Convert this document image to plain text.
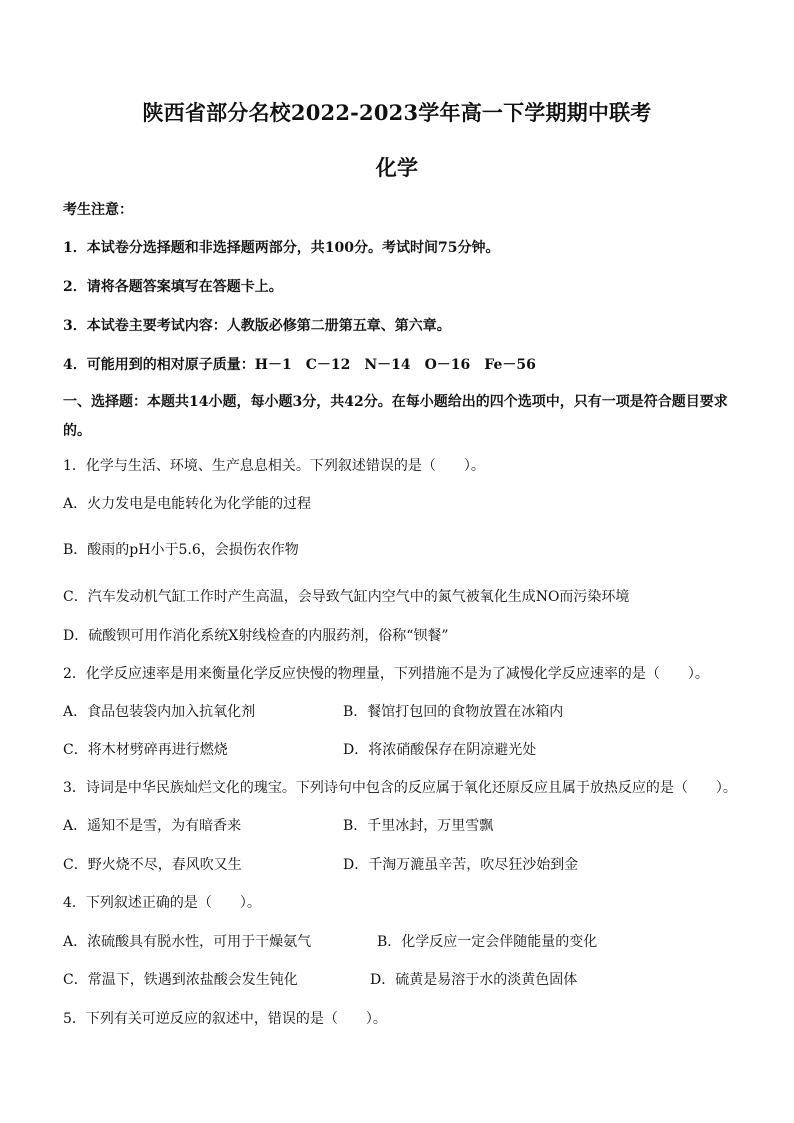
陕西省部分名校2022-2023学年高一下学期期中联考
化学
考生注意：
1．本试卷分选择题和非选择题两部分，共100分。考试时间75分钟。
2．请将各题答案填写在答题卡上。
3．本试卷主要考试内容：人教版必修第二册第五章、第六章。
4．可能用到的相对原子质量：H－1　C－12　N－14　O－16　Fe－56
一、选择题：本题共14小题，每小题3分，共42分。在每小题给出的四个选项中，只有一项是符合题目要求的。
1．化学与生活、环境、生产息息相关。下列叙述错误的是（　　）。
A．火力发电是电能转化为化学能的过程
B．酸雨的pH小于5.6，会损伤农作物
C．汽车发动机气缸工作时产生高温，会导致气缸内空气中的氮气被氧化生成NO而污染环境
D．硫酸钡可用作消化系统X射线检查的内服药剂，俗称“钡餐”
2．化学反应速率是用来衡量化学反应快慢的物理量，下列措施不是为了减慢化学反应速率的是（　　）。
A．食品包装袋内加入抗氧化剂	B．餐馆打包回的食物放置在冰箱内
C．将木材劈碎再进行燃烧	D．将浓硝酸保存在阴凉避光处
3．诗词是中华民族灿烂文化的瑰宝。下列诗句中包含的反应属于氧化还原反应且属于放热反应的是（　　）。
A．遥知不是雪，为有暗香来	B．千里冰封，万里雪飘
C．野火烧不尽，春风吹又生	D．千淘万漉虽辛苦，吹尽狂沙始到金
4．下列叙述正确的是（　　）。
A．浓硫酸具有脱水性，可用于干燥氨气	B．化学反应一定会伴随能量的变化
C．常温下，铁遇到浓盐酸会发生钝化	D．硫黄是易溶于水的淡黄色固体
5．下列有关可逆反应的叙述中，错误的是（　　）。
